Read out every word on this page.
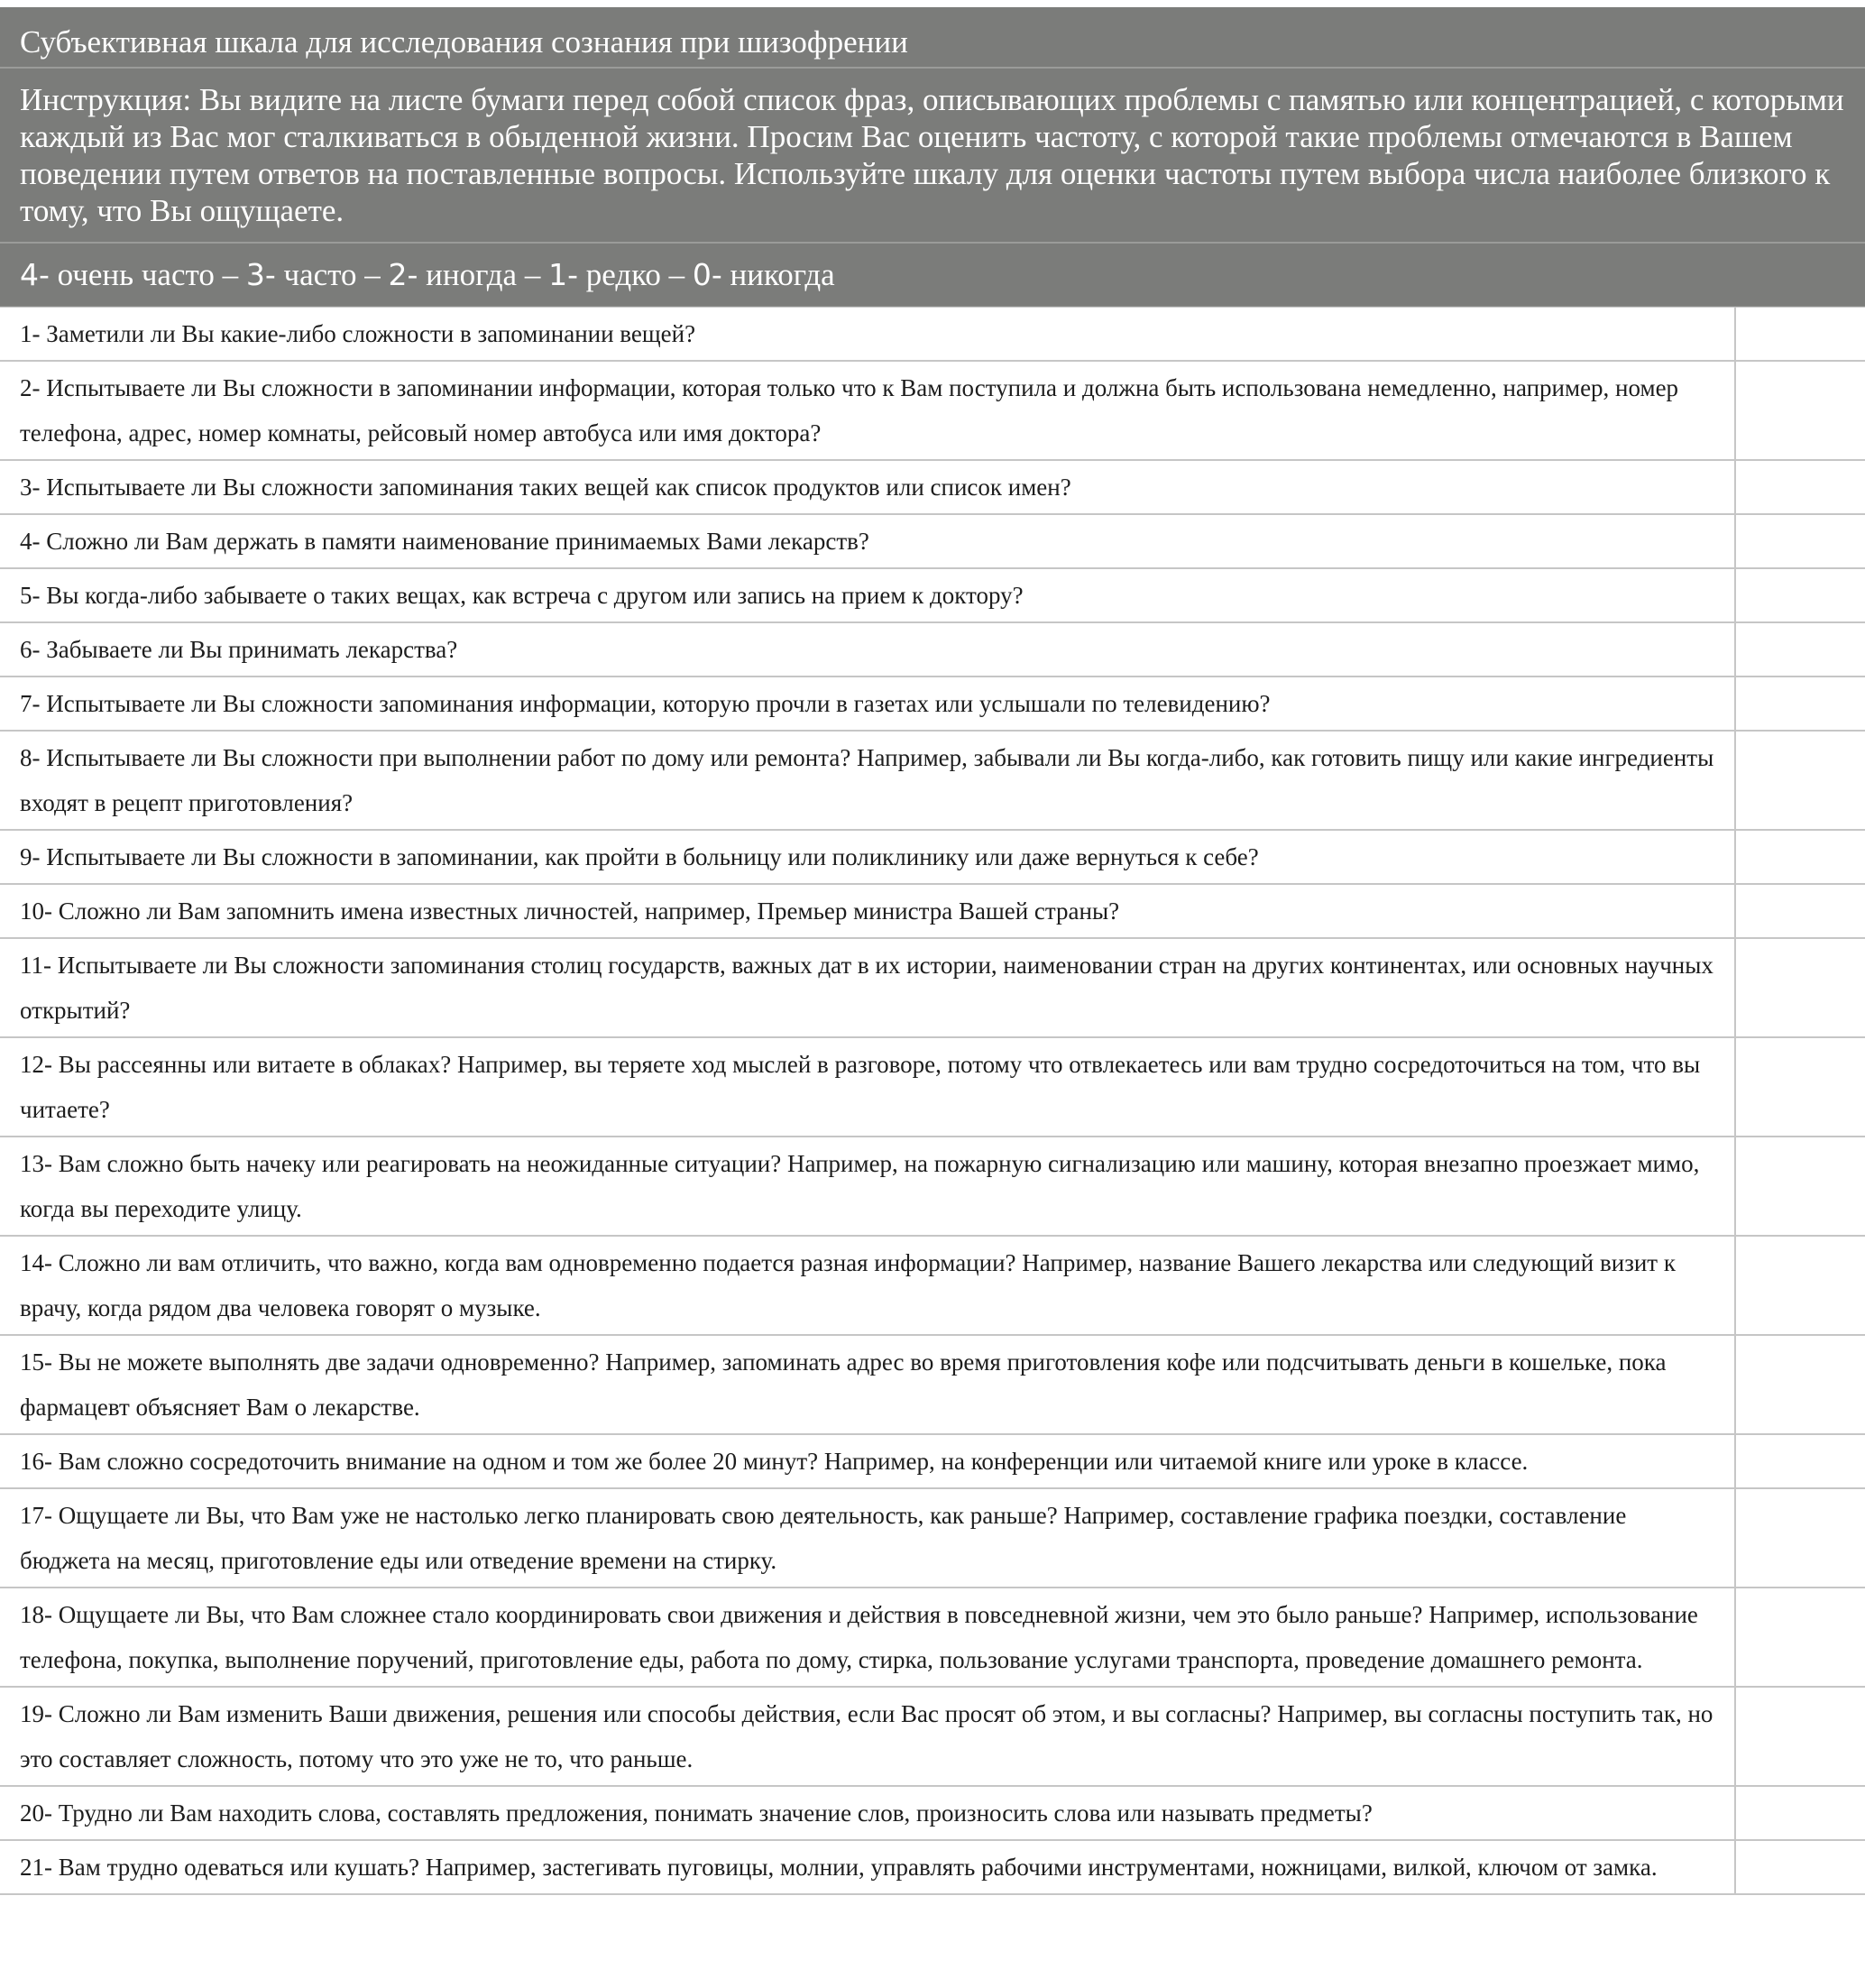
Субъективная шкала для исследования сознания при шизофрении
Инструкция: Вы видите на листе бумаги перед собой список фраз, описывающих проблемы с памятью или концентрацией, с которыми каждый из Вас мог сталкиваться в обыденной жизни. Просим Вас оценить частоту, с которой такие проблемы отмечаются в Вашем поведении путем ответов на поставленные вопросы. Используйте шкалу для оценки частоты путем выбора числа наиболее близкого к тому, что Вы ощущаете.
4- очень часто – 3- часто – 2- иногда – 1- редко – 0- никогда
1- Заметили ли Вы какие-либо сложности в запоминании вещей?	
2- Испытываете ли Вы сложности в запоминании информации, которая только что к Вам поступила и должна быть использована немедленно, например, номер телефона, адрес, номер комнаты, рейсовый номер автобуса или имя доктора?	
3- Испытываете ли Вы сложности запоминания таких вещей как список продуктов или список имен?	
4- Сложно ли Вам держать в памяти наименование принимаемых Вами лекарств?	
5- Вы когда-либо забываете о таких вещах, как встреча с другом или запись на прием к доктору?	
6- Забываете ли Вы принимать лекарства?	
7- Испытываете ли Вы сложности запоминания информации, которую прочли в газетах или услышали по телевидению?	
8- Испытываете ли Вы сложности при выполнении работ по дому или ремонта? Например, забывали ли Вы когда-либо, как готовить пищу или какие ингредиенты входят в рецепт приготовления?	
9- Испытываете ли Вы сложности в запоминании, как пройти в больницу или поликлинику или даже вернуться к себе?	
10- Сложно ли Вам запомнить имена известных личностей, например, Премьер министра Вашей страны?	
11- Испытываете ли Вы сложности запоминания столиц государств, важных дат в их истории, наименовании стран на других континентах, или основных научных открытий?	
12- Вы рассеянны или витаете в облаках? Например, вы теряете ход мыслей в разговоре, потому что отвлекаетесь или вам трудно сосредоточиться на том, что вы читаете?	
13- Вам сложно быть начеку или реагировать на неожиданные ситуации? Например, на пожарную сигнализацию или машину, которая внезапно проезжает мимо, когда вы переходите улицу.	
14- Сложно ли вам отличить, что важно, когда вам одновременно подается разная информации? Например, название Вашего лекарства или следующий визит к врачу, когда рядом два человека говорят о музыке.	
15- Вы не можете выполнять две задачи одновременно? Например, запоминать адрес во время приготовления кофе или подсчитывать деньги в кошельке, пока фармацевт объясняет Вам о лекарстве.	
16- Вам сложно сосредоточить внимание на одном и том же более 20 минут? Например, на конференции или читаемой книге или уроке в классе.	
17- Ощущаете ли Вы, что Вам уже не настолько легко планировать свою деятельность, как раньше? Например, составление графика поездки, составление бюджета на месяц, приготовление еды или отведение времени на стирку.	
18- Ощущаете ли Вы, что Вам сложнее стало координировать свои движения и действия в повседневной жизни, чем это было раньше? Например, использование телефона, покупка, выполнение поручений, приготовление еды, работа по дому, стирка, пользование услугами транспорта, проведение домашнего ремонта.	
19- Сложно ли Вам изменить Ваши движения, решения или способы действия, если Вас просят об этом, и вы согласны? Например, вы согласны поступить так, но это составляет сложность, потому что это уже не то, что раньше.	
20- Трудно ли Вам находить слова, составлять предложения, понимать значение слов, произносить слова или называть предметы?	
21- Вам трудно одеваться или кушать? Например, застегивать пуговицы, молнии, управлять рабочими инструментами, ножницами, вилкой, ключом от замка.	
